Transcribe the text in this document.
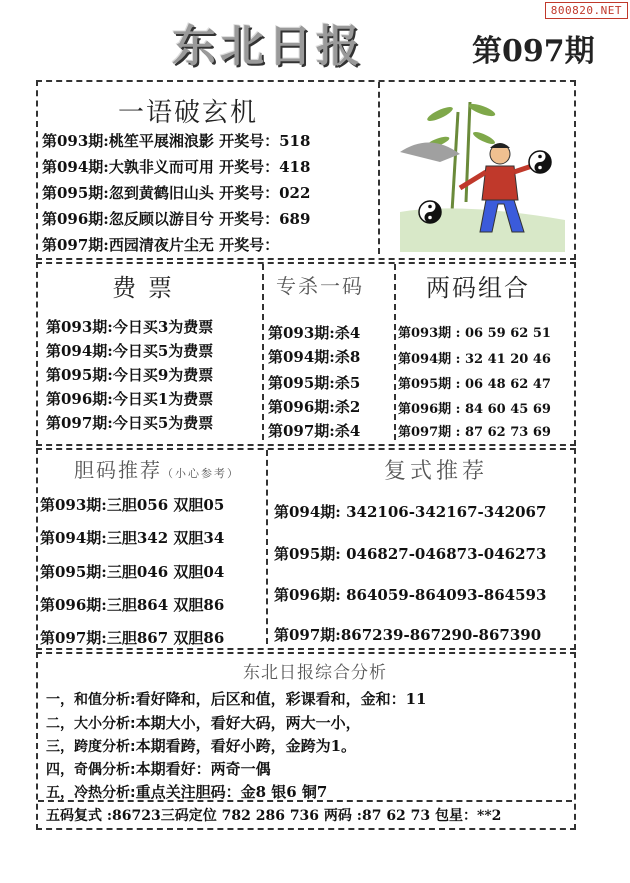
800820.NET
东北日报	第097期
一语破玄机
第093期:桃笙平展湘浪影 开奖号：518
第094期:大孰非义而可用 开奖号：418
第095期:忽到黄鹤旧山头 开奖号：022
第096期:忽反顾以游目兮 开奖号：689
第097期:西园清夜片尘无 开奖号：
费票
第093期:今日买3为费票
第094期:今日买5为费票
第095期:今日买9为费票
第096期:今日买1为费票
第097期:今日买5为费票
专杀一码
第093期:杀4
第094期:杀8
第095期:杀5
第096期:杀2
第097期:杀4
两码组合
第093期 : 06 59 62 51
第094期 : 32 41 20 46
第095期 : 06 48 62 47
第096期 : 84 60 45 69
第097期 : 87 62 73 69
胆码推荐（小心参考）
第093期:三胆056 双胆05
第094期:三胆342 双胆34
第095期:三胆046 双胆04
第096期:三胆864 双胆86
第097期:三胆867 双胆86
复式推荐
第094期: 342106-342167-342067
第095期: 046827-046873-046273
第096期: 864059-864093-864593
第097期:867239-867290-867390
东北日报综合分析
一，和值分析:看好降和，后区和值，彩课看和，金和：11
二，大小分析:本期大小，看好大码，两大一小，
三，跨度分析:本期看跨，看好小跨，金跨为1。
四，奇偶分析:本期看好：两奇一偶
五，冷热分析:重点关注胆码：金8 银6 铜7
五码复式 :86723三码定位 782 286 736 两码 :87 62 73 包星：**2
